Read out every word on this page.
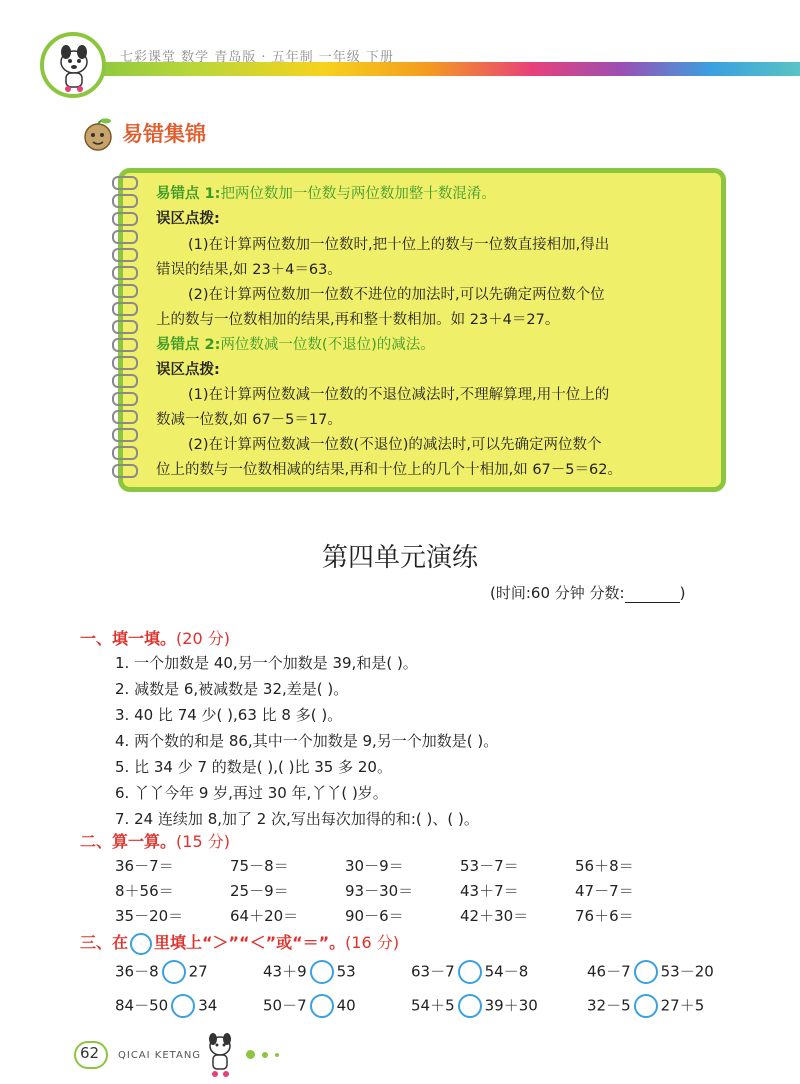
七彩课堂 数学 青岛版 · 五年制 一年级 下册
易错集锦
易错点 1:把两位数加一位数与两位数加整十数混淆。
误区点拨:
(1)在计算两位数加一位数时,把十位上的数与一位数直接相加,得出
错误的结果,如 23＋4＝63。
(2)在计算两位数加一位数不进位的加法时,可以先确定两位数个位
上的数与一位数相加的结果,再和整十数相加。如 23＋4＝27。
易错点 2:两位数减一位数(不退位)的减法。
误区点拨:
(1)在计算两位数减一位数的不退位减法时,不理解算理,用十位上的
数减一位数,如 67－5＝17。
(2)在计算两位数减一位数(不退位)的减法时,可以先确定两位数个
位上的数与一位数相减的结果,再和十位上的几个十相加,如 67－5＝62。
第四单元演练
(时间:60 分钟 分数:	)
一、填一填。(20 分)
1. 一个加数是 40,另一个加数是 39,和是( )。
2. 减数是 6,被减数是 32,差是( )。
3. 40 比 74 少( ),63 比 8 多( )。
4. 两个数的和是 86,其中一个加数是 9,另一个加数是( )。
5. 比 34 少 7 的数是( ),( )比 35 多 20。
6. 丫丫今年 9 岁,再过 30 年,丫丫( )岁。
7. 24 连续加 8,加了 2 次,写出每次加得的和:( )、( )。
二、算一算。(15 分)
36－7＝	75－8＝	30－9＝	53－7＝	56＋8＝
8＋56＝	25－9＝	93－30＝	43＋7＝	47－7＝
35－20＝	64＋20＝	90－6＝	42＋30＝	76＋6＝
三、在 里填上“＞”“＜”或“＝”。(16 分)
36－8 27	43＋9 53	63－7 54－8	46－7 53－20
84－50 34	50－7 40	54＋5 39＋30	32－5 27＋5
62 QICAI KETANG
